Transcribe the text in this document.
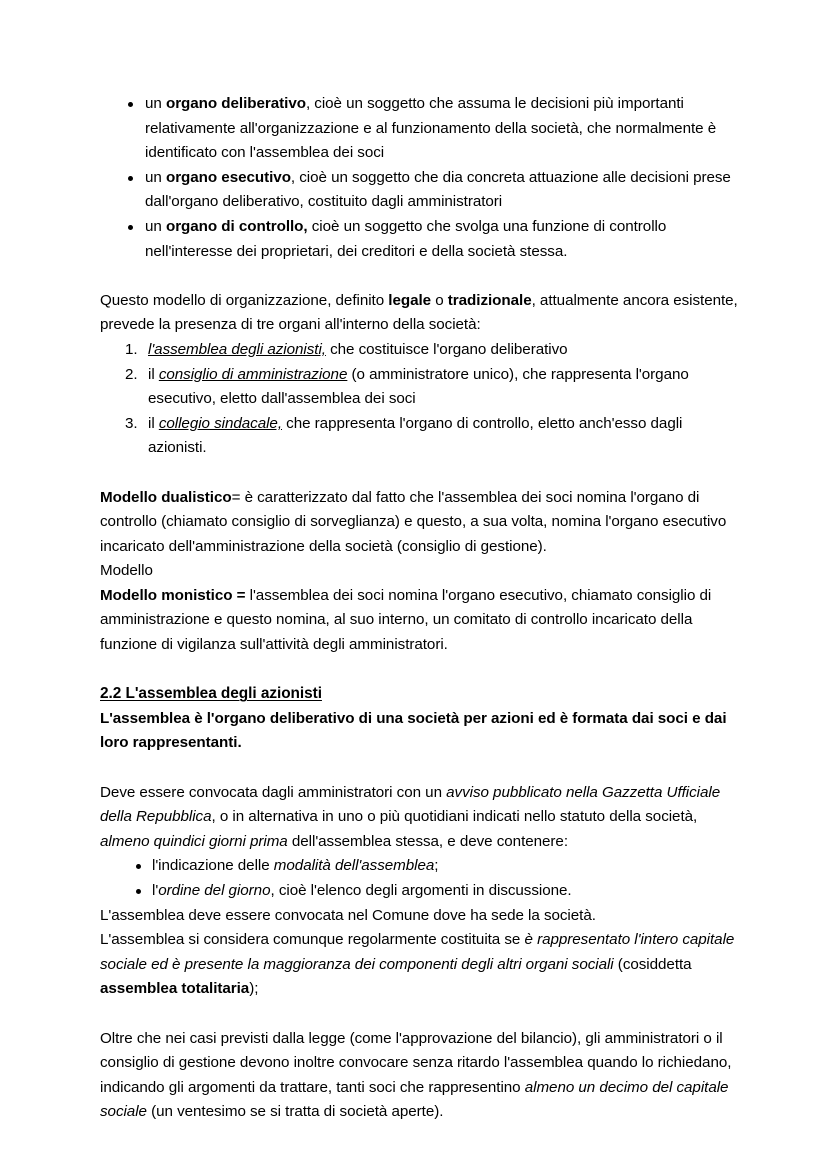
un organo deliberativo, cioè un soggetto che assuma le decisioni più importanti relativamente all'organizzazione e al funzionamento della società, che normalmente è identificato con l'assemblea dei soci
un organo esecutivo, cioè un soggetto che dia concreta attuazione alle decisioni prese dall'organo deliberativo, costituito dagli amministratori
un organo di controllo, cioè un soggetto che svolga una funzione di controllo nell'interesse dei proprietari, dei creditori e della società stessa.

Questo modello di organizzazione, definito legale o tradizionale, attualmente ancora esistente, prevede la presenza di tre organi all'interno della società:

l'assemblea degli azionisti, che costituisce l'organo deliberativo
il consiglio di amministrazione (o amministratore unico), che rappresenta l'organo esecutivo, eletto dall'assemblea dei soci
il collegio sindacale, che rappresenta l'organo di controllo, eletto anch'esso dagli azionisti.

Modello dualistico= è caratterizzato dal fatto che l'assemblea dei soci nomina l'organo di controllo (chiamato consiglio di sorveglianza) e questo, a sua volta, nomina l'organo esecutivo incaricato dell'amministrazione della società (consiglio di gestione).

Modello

Modello monistico = l'assemblea dei soci nomina l'organo esecutivo, chiamato consiglio di amministrazione e questo nomina, al suo interno, un comitato di controllo incaricato della funzione di vigilanza sull'attività degli amministratori.

2.2 L'assemblea degli azionisti

L'assemblea è l'organo deliberativo di una società per azioni ed è formata dai soci e dai loro rappresentanti.

Deve essere convocata dagli amministratori con un avviso pubblicato nella Gazzetta Ufficiale della Repubblica, o in alternativa in uno o più quotidiani indicati nello statuto della società, almeno quindici giorni prima dell'assemblea stessa, e deve contenere:

l'indicazione delle modalità dell'assemblea;
l'ordine del giorno, cioè l'elenco degli argomenti in discussione.

L'assemblea deve essere convocata nel Comune dove ha sede la società.

L'assemblea si considera comunque regolarmente costituita se è rappresentato l'intero capitale sociale ed è presente la maggioranza dei componenti degli altri organi sociali (cosiddetta assemblea totalitaria);

Oltre che nei casi previsti dalla legge (come l'approvazione del bilancio), gli amministratori o il consiglio di gestione devono inoltre convocare senza ritardo l'assemblea quando lo richiedano, indicando gli argomenti da trattare, tanti soci che rappresentino almeno un decimo del capitale sociale (un ventesimo se si tratta di società aperte).
